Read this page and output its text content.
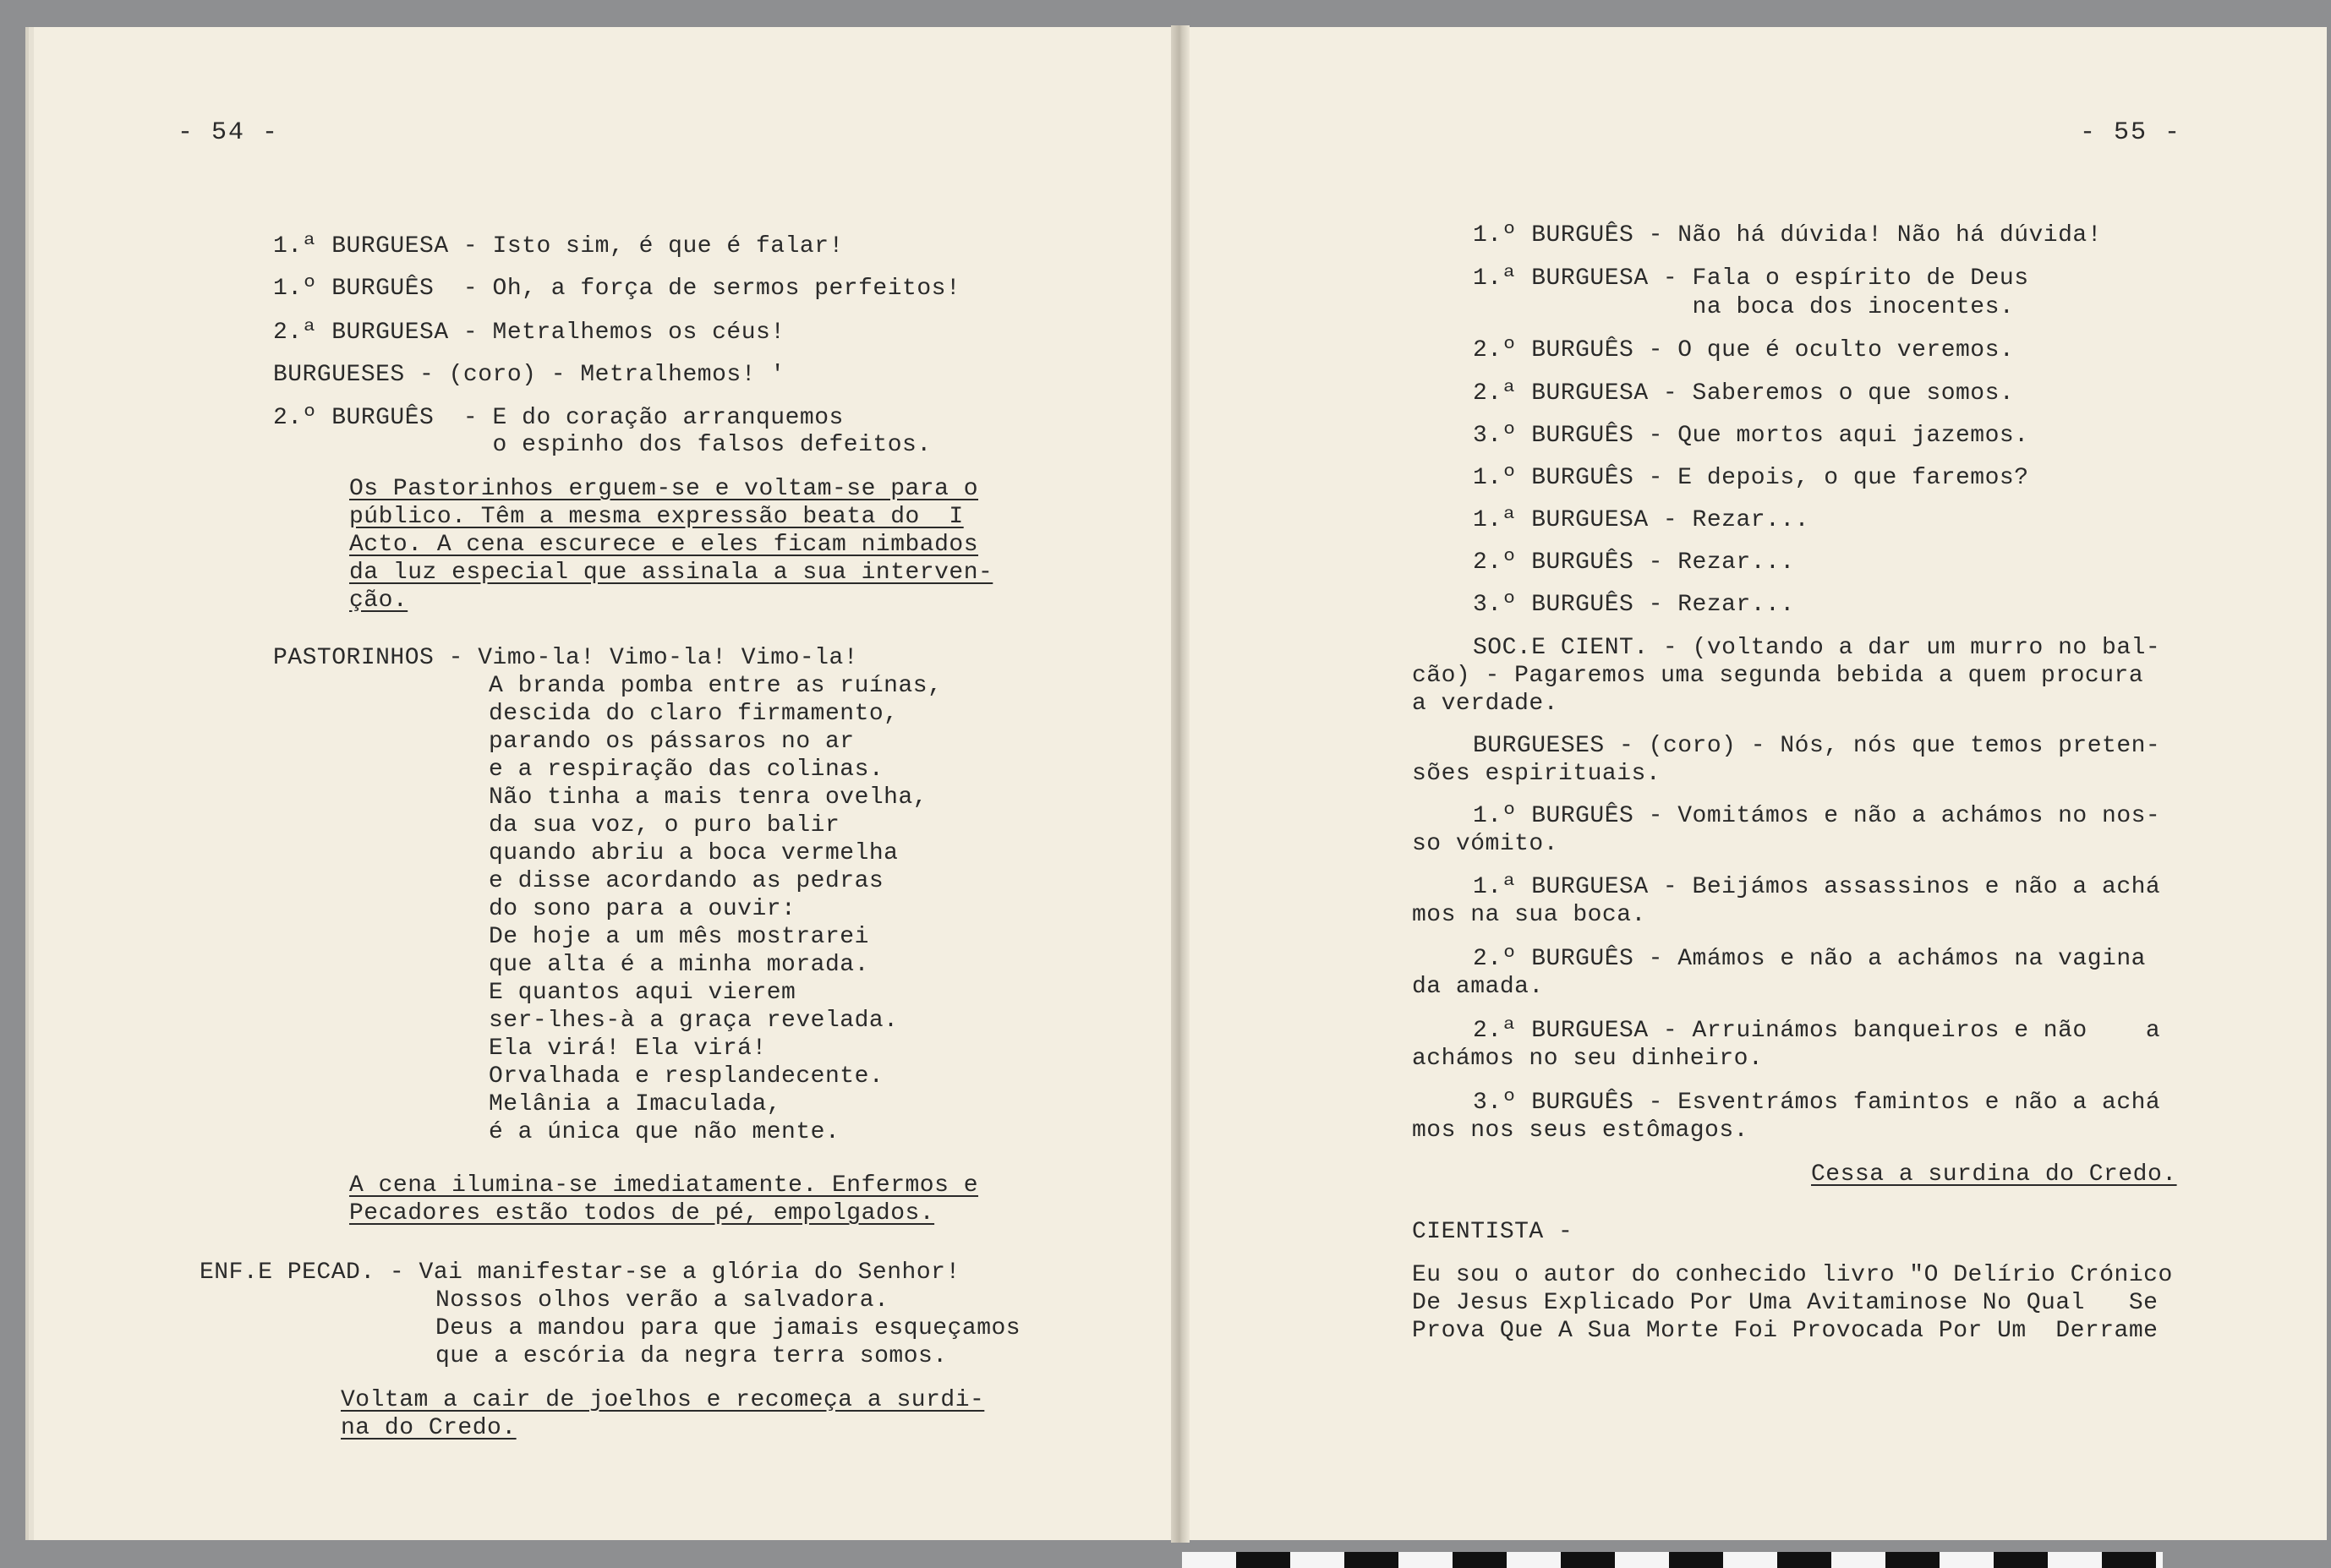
- 54 -	- 55 -
1.ª BURGUESA - Isto sim, é que é falar!
1.º BURGUÊS  - Oh, a força de sermos perfeitos!
2.ª BURGUESA - Metralhemos os céus!
BURGUESES - (coro) - Metralhemos! '
2.º BURGUÊS  - E do coração arranquemos
o espinho dos falsos defeitos.
Os Pastorinhos erguem-se e voltam-se para o
público. Têm a mesma expressão beata do  I
Acto. A cena escurece e eles ficam nimbados
da luz especial que assinala a sua interven-
ção.
PASTORINHOS - Vimo-la! Vimo-la! Vimo-la!
A branda pomba entre as ruínas,
descida do claro firmamento,
parando os pássaros no ar
e a respiração das colinas.
Não tinha a mais tenra ovelha,
da sua voz, o puro balir
quando abriu a boca vermelha
e disse acordando as pedras
do sono para a ouvir:
De hoje a um mês mostrarei
que alta é a minha morada.
E quantos aqui vierem
ser-lhes-à a graça revelada.
Ela virá! Ela virá!
Orvalhada e resplandecente.
Melânia a Imaculada,
é a única que não mente.
A cena ilumina-se imediatamente. Enfermos e
Pecadores estão todos de pé, empolgados.
ENF.E PECAD. - Vai manifestar-se a glória do Senhor!
Nossos olhos verão a salvadora.
Deus a mandou para que jamais esqueçamos
que a escória da negra terra somos.
Voltam a cair de joelhos e recomeça a surdi-
na do Credo.
1.º BURGUÊS - Não há dúvida! Não há dúvida!
1.ª BURGUESA - Fala o espírito de Deus
na boca dos inocentes.
2.º BURGUÊS - O que é oculto veremos.
2.ª BURGUESA - Saberemos o que somos.
3.º BURGUÊS - Que mortos aqui jazemos.
1.º BURGUÊS - E depois, o que faremos?
1.ª BURGUESA - Rezar...
2.º BURGUÊS - Rezar...
3.º BURGUÊS - Rezar...
SOC.E CIENT. - (voltando a dar um murro no bal-
cão) - Pagaremos uma segunda bebida a quem procura
a verdade.
BURGUESES - (coro) - Nós, nós que temos preten-
sões espirituais.
1.º BURGUÊS - Vomitámos e não a achámos no nos-
so vómito.
1.ª BURGUESA - Beijámos assassinos e não a achá
mos na sua boca.
2.º BURGUÊS - Amámos e não a achámos na vagina
da amada.
2.ª BURGUESA - Arruinámos banqueiros e não    a
achámos no seu dinheiro.
3.º BURGUÊS - Esventrámos famintos e não a achá
mos nos seus estômagos.
Cessa a surdina do Credo.
CIENTISTA -
Eu sou o autor do conhecido livro "O Delírio Crónico
De Jesus Explicado Por Uma Avitaminose No Qual   Se
Prova Que A Sua Morte Foi Provocada Por Um  Derrame
